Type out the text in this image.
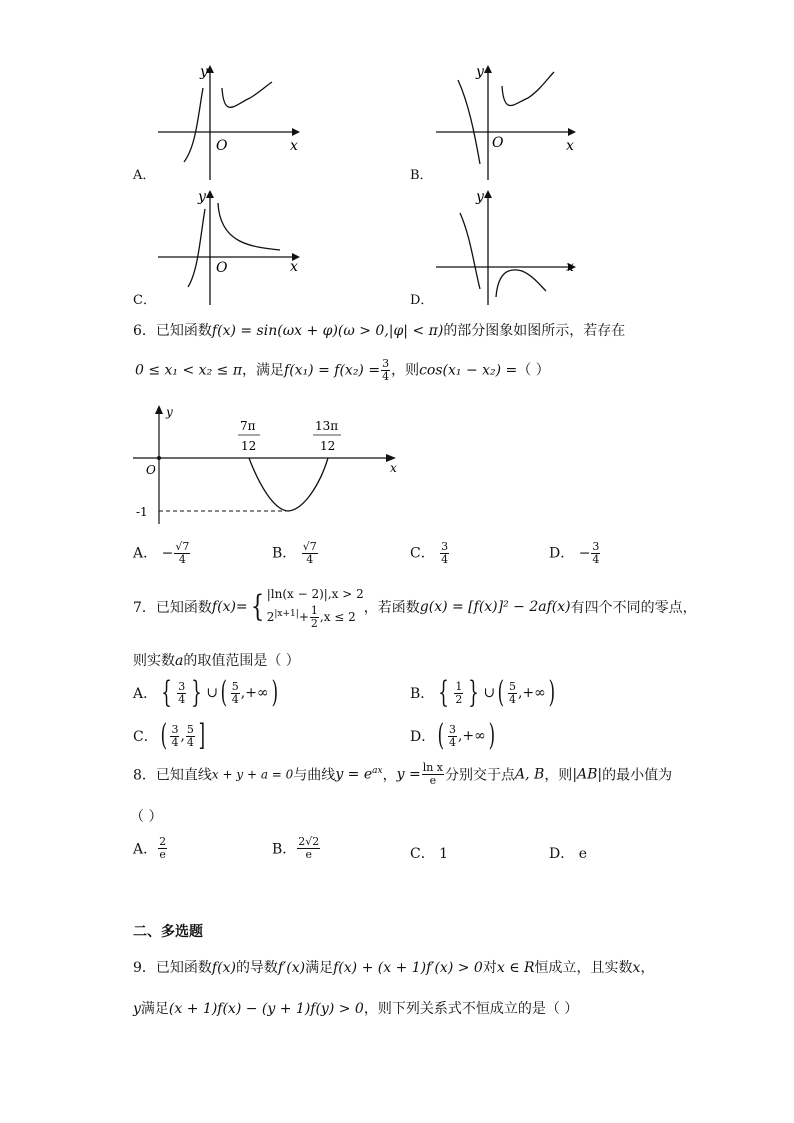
A．
y
O	x
B．
y
O	x
C．
y
O	x
D．
y
x
6．已知函数f(x) = sin(ωx + φ)(ω > 0,|φ| < π)的部分图象如图所示，若存在
0 ≤ x₁ < x₂ ≤ π，满足$f(x_1) = f(x_2) = \frac{3}{4}$ ，则cos(x₁ − x₂) =（ ）
y
O	x
-1
7π
12
13π
12
A． − $\frac{√7}{4}$	B． $\frac{√7}{4}$	C． $\frac{3}{4}$	D． − $\frac{3}{4}$
7．已知函数f(x)={ |ln(x − 2)|,x > 2
$2^{|x+1|}+ \frac{1}{2} ,x \le 2$
，若函数g(x) = [f(x)]² − 2af(x)有四个不同的零点，
则实数a的取值范围是（ ）
A． { $\frac{3}{4}$ } ∪( $\frac{5}{4}$ ,+∞)	B． { $\frac{1}{2}$ } ∪( $\frac{5}{4}$ ,+∞)
C．( $\frac{3}{4}$ , $\frac{5}{4}$ ]	D．( $\frac{3}{4}$ ,+∞)
8．已知直线x + y + a = 0与曲线$y = e^{ax}$，$y = \frac{\text{ln x}}{e}$ 分别交于点A, B，则|AB|的最小值为
（ ）
A． $\frac{2}{e}$	B． $\frac{2√2}{e}$	C． 1	D． e
二、多选题
9．已知函数f(x)的导数f′(x)满足f(x) + (x + 1)f′(x) > 0对x ∈ R恒成立，且实数x，
y满足(x + 1)f(x) − (y + 1)f(y) > 0，则下列关系式不恒成立的是（ ）
